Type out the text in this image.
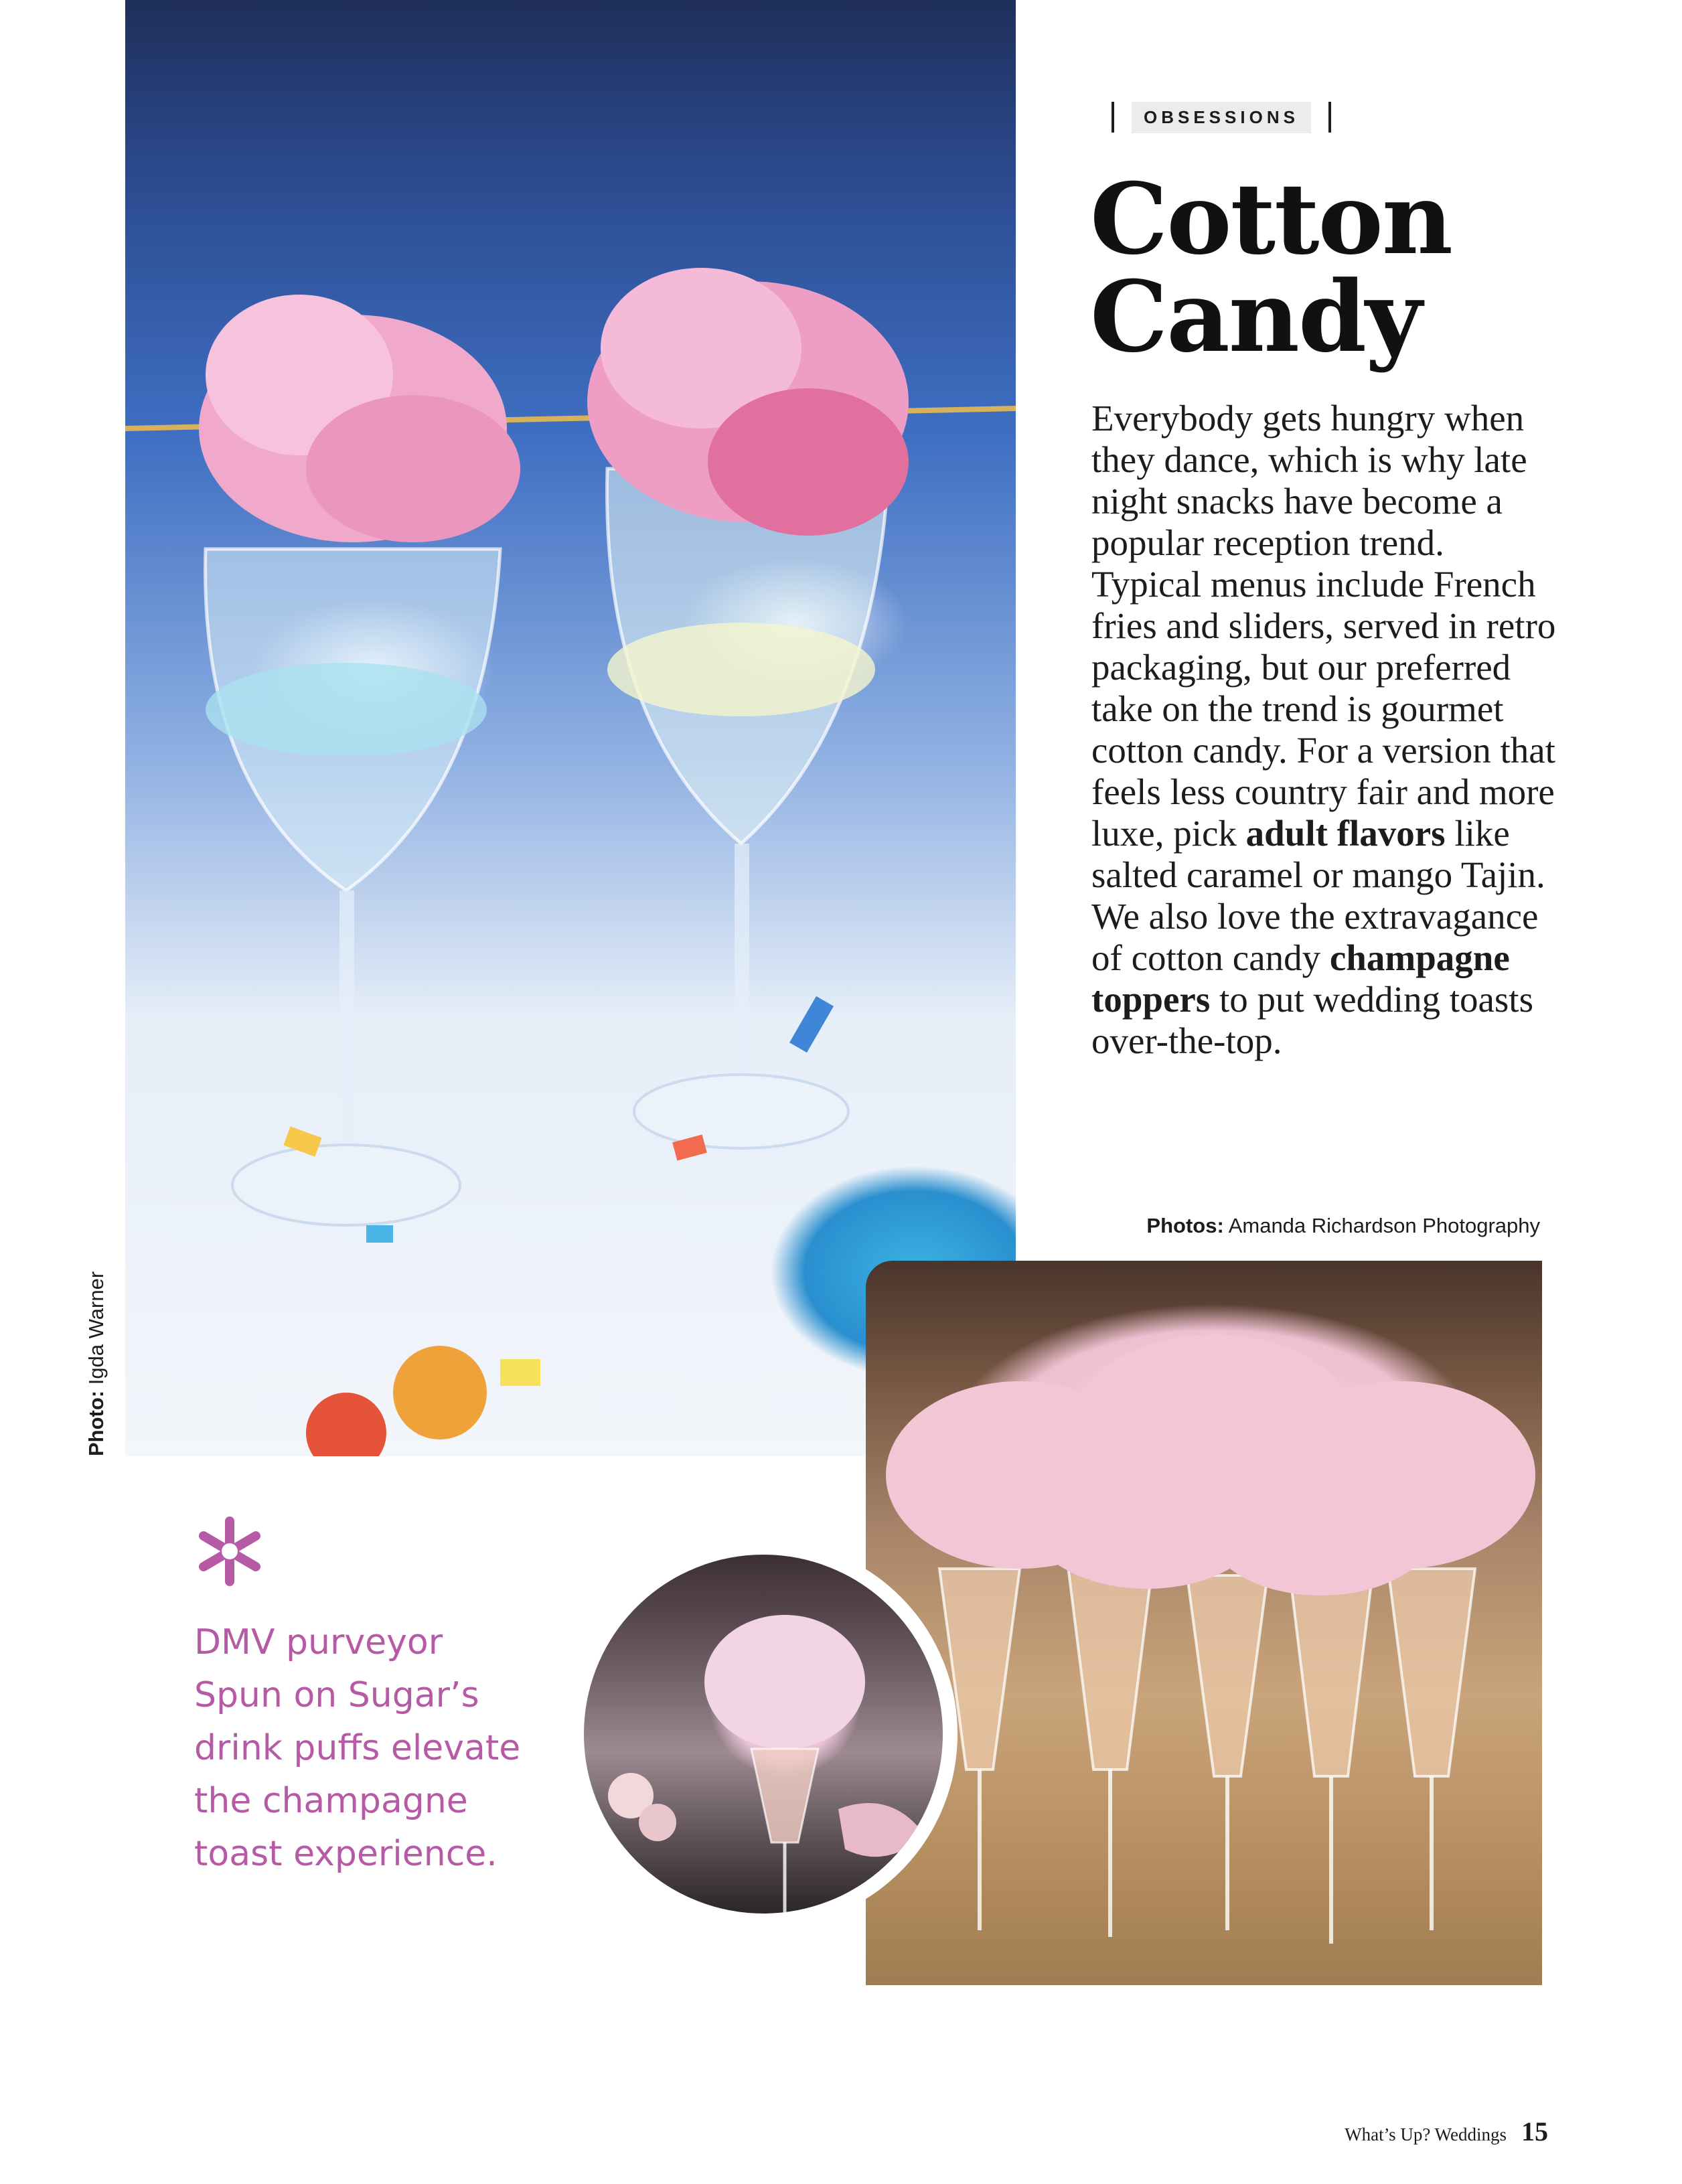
OBSESSIONS
Cotton
Candy

Everybody gets hungry when they dance, which is why late night snacks have become a popular reception trend. Typical menus include French fries and sliders, served in retro packaging, but our preferred take on the trend is gourmet cotton candy. For a version that feels less country fair and more luxe, pick adult flavors like salted caramel or mango Tajin. We also love the extravagance of cotton candy champagne toppers to put wedding toasts over-the-top.

Photos: Amanda Richardson Photography
Photo: Igda Warner

DMV purveyor
Spun on Sugar’s
drink puffs elevate
the champagne
toast experience.

What’s Up? Weddings 15
